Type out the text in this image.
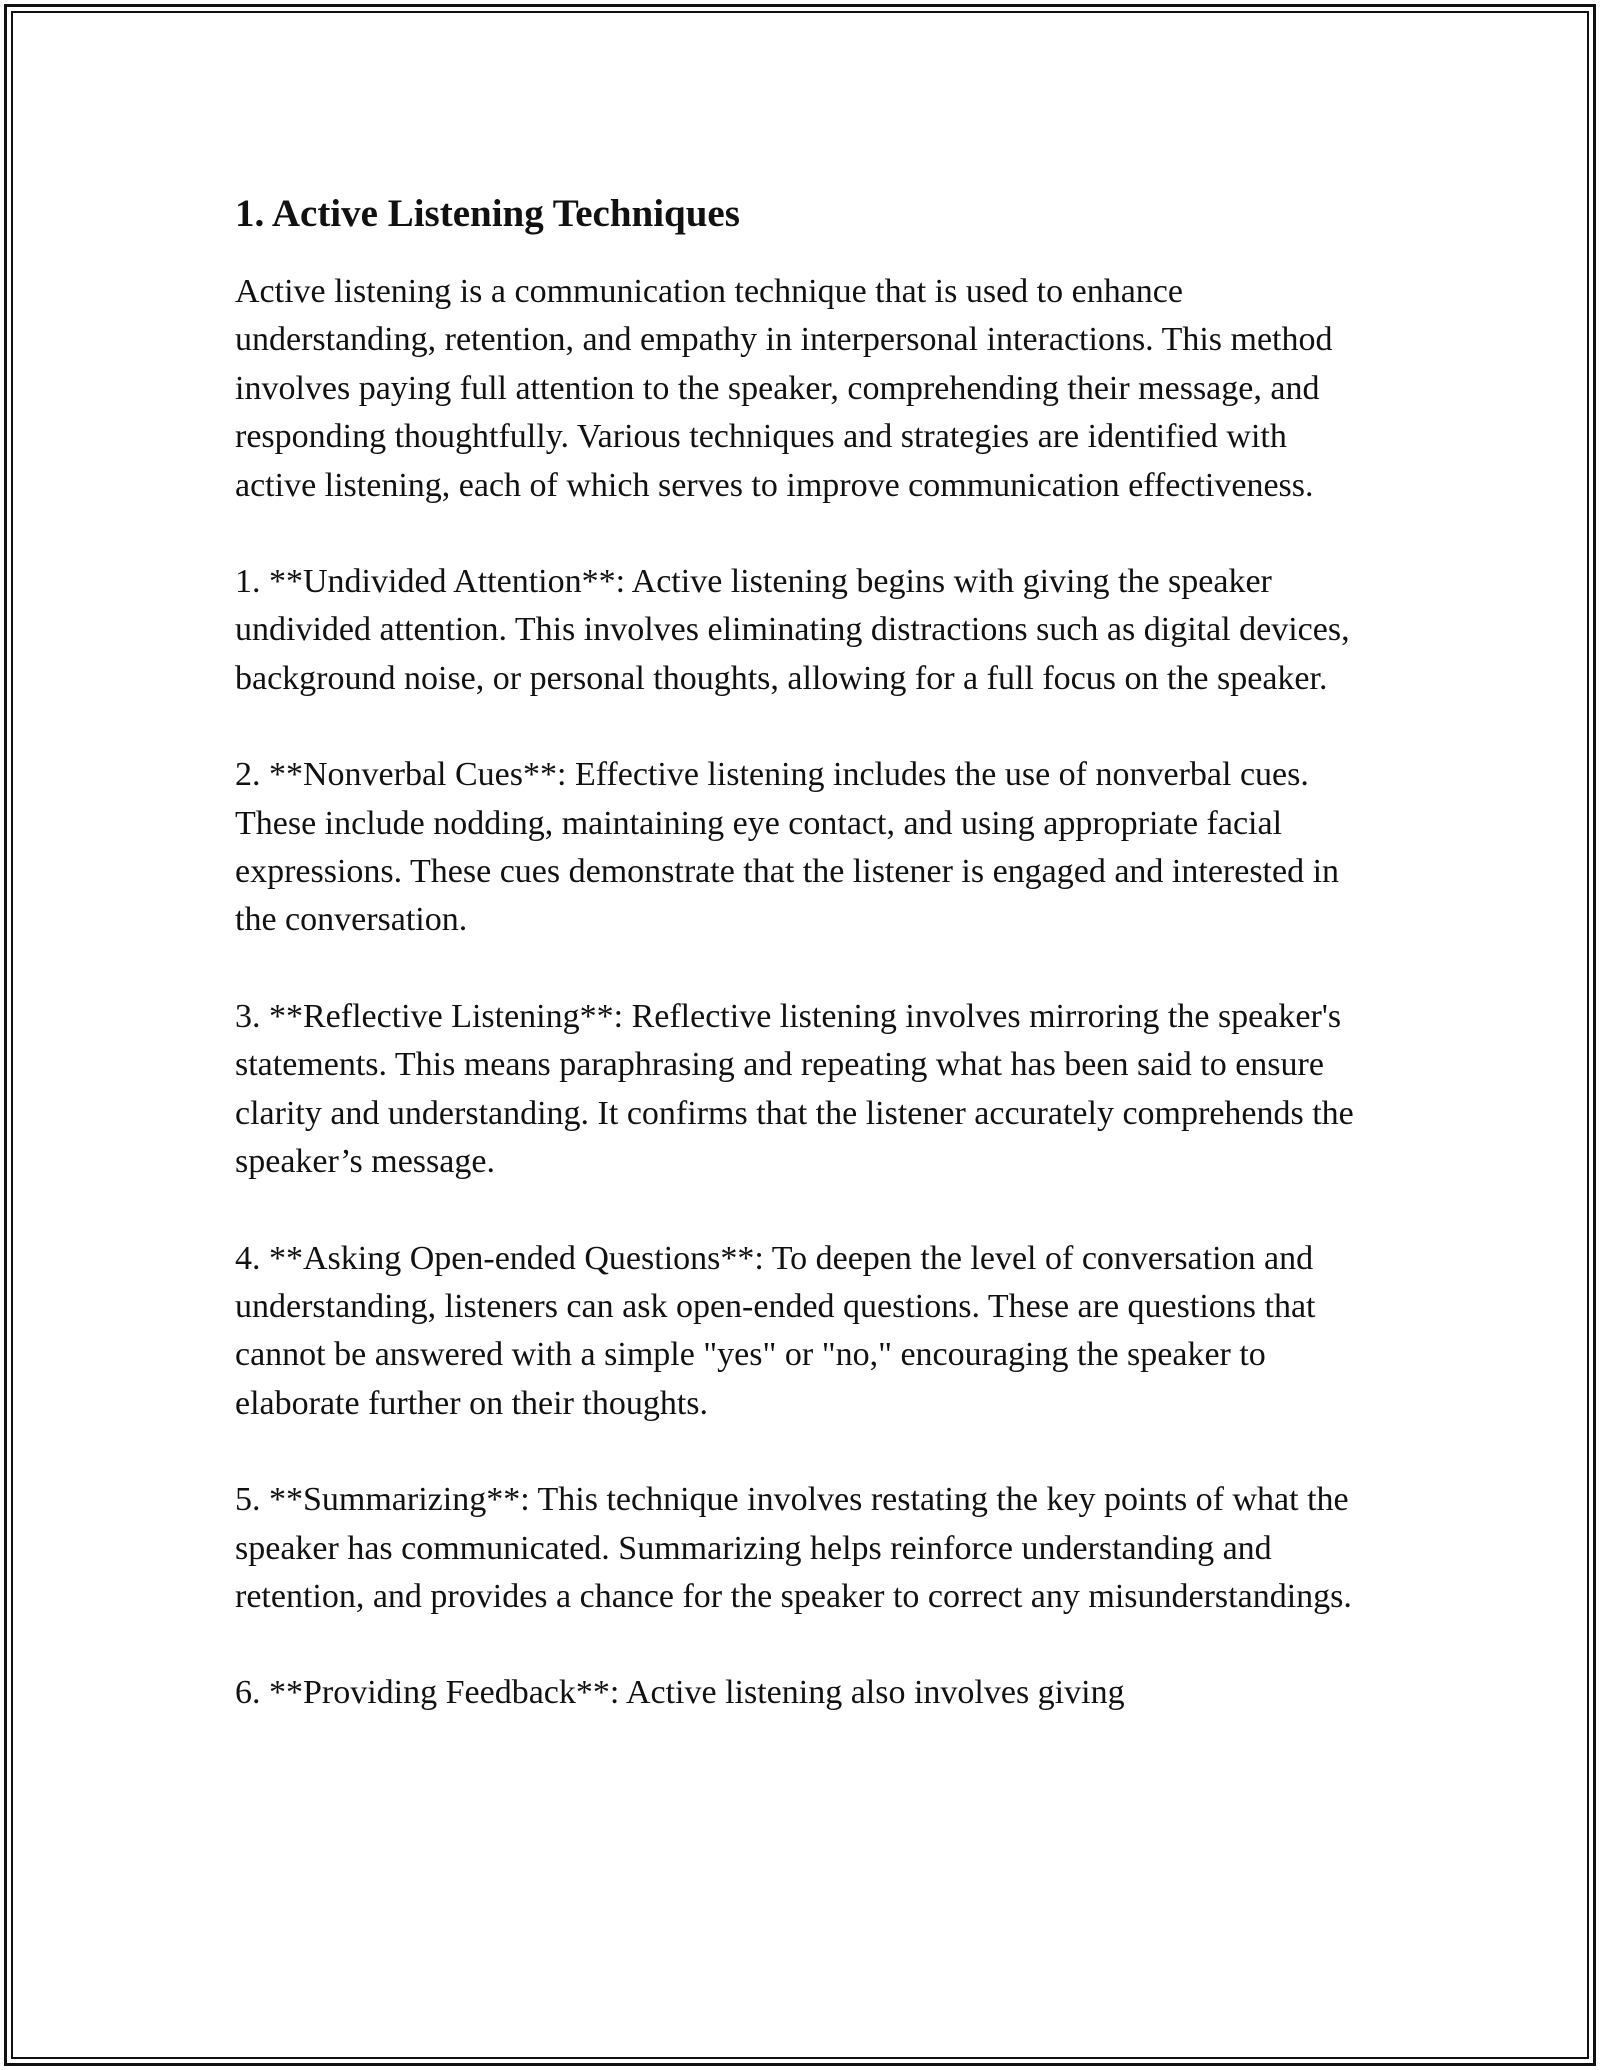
1. Active Listening Techniques

Active listening is a communication technique that is used to enhance understanding, retention, and empathy in interpersonal interactions. This method involves paying full attention to the speaker, comprehending their message, and responding thoughtfully. Various techniques and strategies are identified with active listening, each of which serves to improve communication effectiveness.

1. **Undivided Attention**: Active listening begins with giving the speaker undivided attention. This involves eliminating distractions such as digital devices, background noise, or personal thoughts, allowing for a full focus on the speaker.

2. **Nonverbal Cues**: Effective listening includes the use of nonverbal cues. These include nodding, maintaining eye contact, and using appropriate facial expressions. These cues demonstrate that the listener is engaged and interested in the conversation.

3. **Reflective Listening**: Reflective listening involves mirroring the speaker's statements. This means paraphrasing and repeating what has been said to ensure clarity and understanding. It confirms that the listener accurately comprehends the speaker’s message.

4. **Asking Open-ended Questions**: To deepen the level of conversation and understanding, listeners can ask open-ended questions. These are questions that cannot be answered with a simple "yes" or "no," encouraging the speaker to elaborate further on their thoughts.

5. **Summarizing**: This technique involves restating the key points of what the speaker has communicated. Summarizing helps reinforce understanding and retention, and provides a chance for the speaker to correct any misunderstandings.

6. **Providing Feedback**: Active listening also involves giving
